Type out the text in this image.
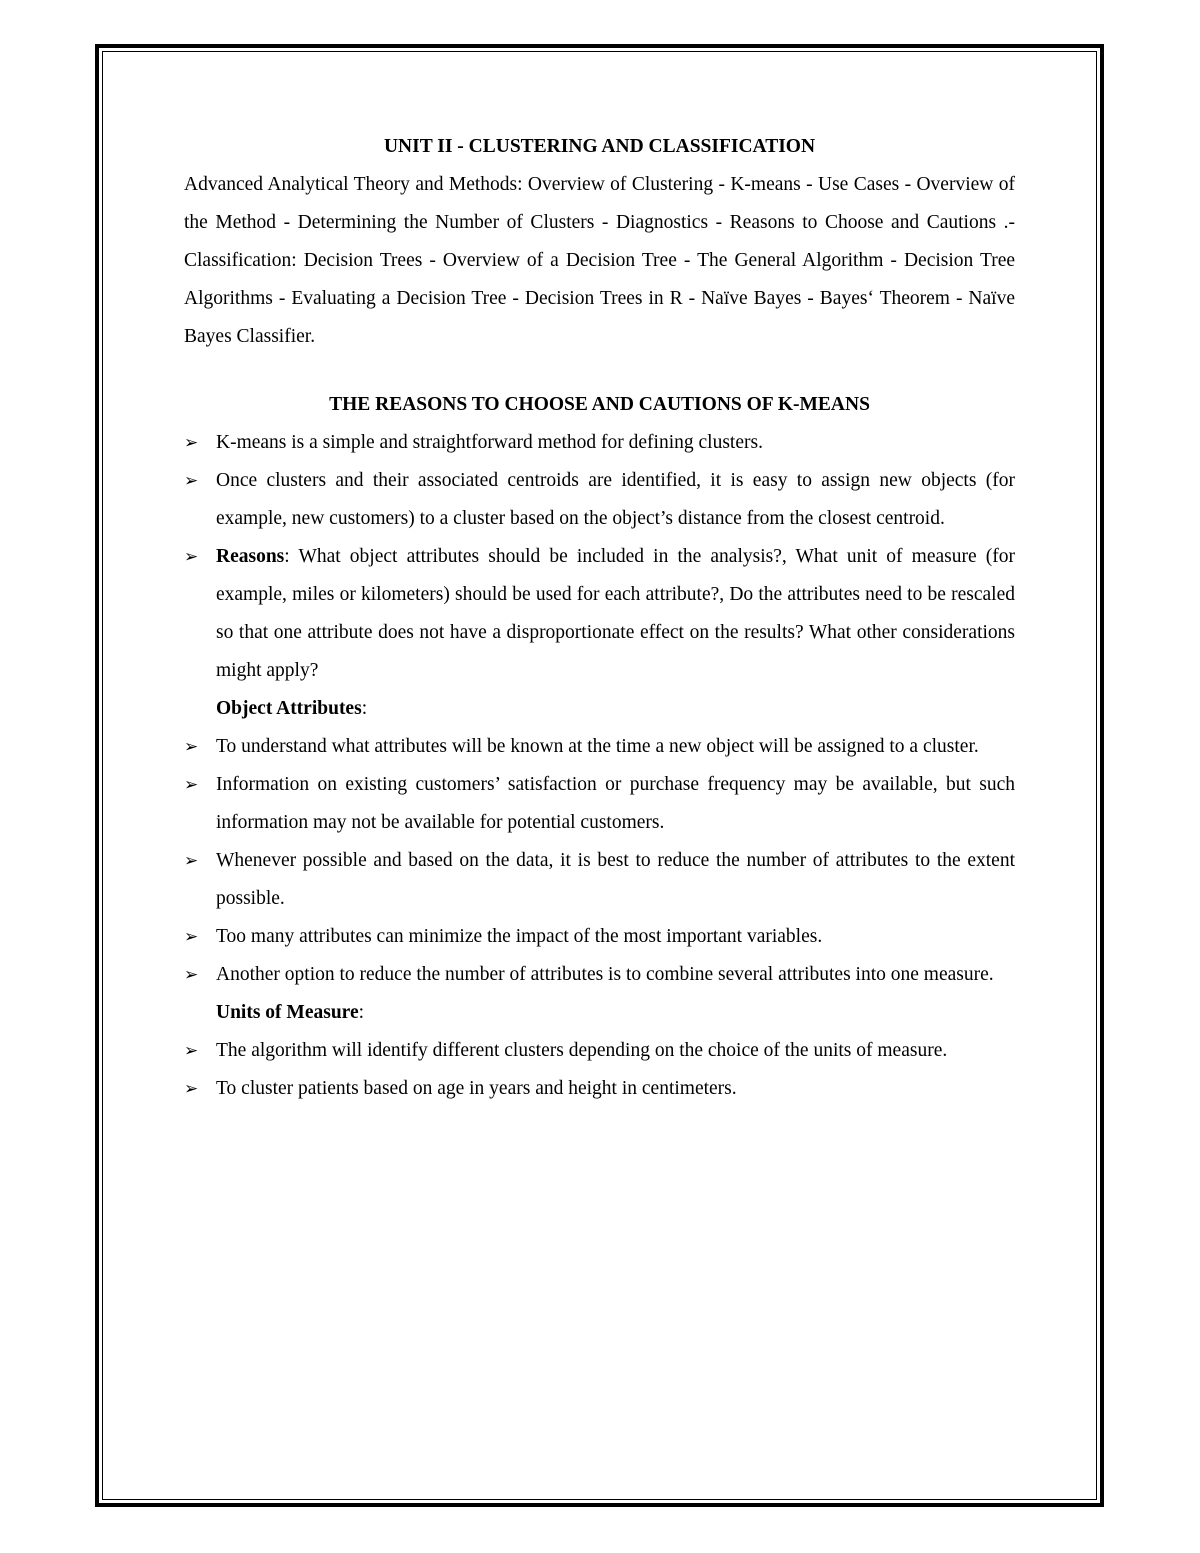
UNIT II - CLUSTERING AND CLASSIFICATION

Advanced Analytical Theory and Methods: Overview of Clustering - K-means - Use Cases - Overview of the Method - Determining the Number of Clusters - Diagnostics - Reasons to Choose and Cautions .- Classification: Decision Trees - Overview of a Decision Tree - The General Algorithm - Decision Tree Algorithms - Evaluating a Decision Tree - Decision Trees in R - Naïve Bayes - Bayes‘ Theorem - Naïve Bayes Classifier.

THE REASONS TO CHOOSE AND CAUTIONS OF K-MEANS
➢ K-means is a simple and straightforward method for defining clusters.
➢ Once clusters and their associated centroids are identified, it is easy to assign new objects (for example, new customers) to a cluster based on the object’s distance from the closest centroid.
➢ Reasons: What object attributes should be included in the analysis?, What unit of measure (for example, miles or kilometers) should be used for each attribute?, Do the attributes need to be rescaled so that one attribute does not have a disproportionate effect on the results? What other considerations might apply?
Object Attributes:
➢ To understand what attributes will be known at the time a new object will be assigned to a cluster.
➢ Information on existing customers’ satisfaction or purchase frequency may be available, but such information may not be available for potential customers.
➢ Whenever possible and based on the data, it is best to reduce the number of attributes to the extent possible.
➢ Too many attributes can minimize the impact of the most important variables.
➢ Another option to reduce the number of attributes is to combine several attributes into one measure.
Units of Measure:
➢ The algorithm will identify different clusters depending on the choice of the units of measure.
➢ To cluster patients based on age in years and height in centimeters.
